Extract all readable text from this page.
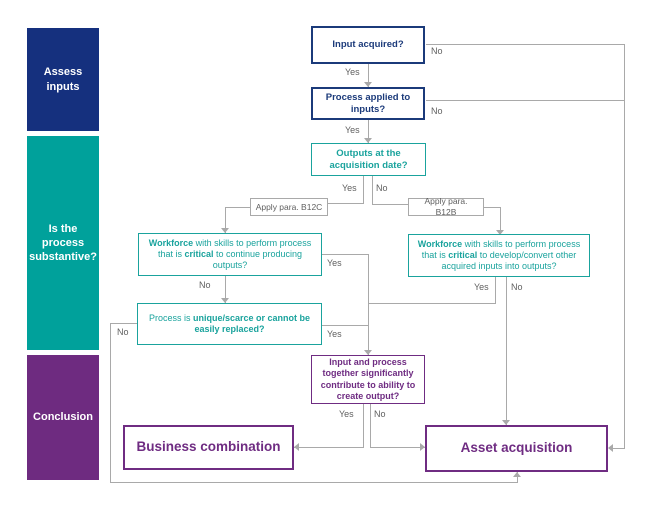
Assess inputs
Is the process substantive?
Conclusion
Yes
No
Yes
No
Yes No
Yes
No	Yes No
Yes
No
Yes No
Input acquired?
Process applied to inputs?
Outputs at the acquisition date?
Apply para. B12C
Apply para. B12B
Workforce with skills to perform process that is critical to continue producing outputs?
Workforce with skills to perform process that is critical to develop/convert other acquired inputs into outputs?
Process is unique/scarce or cannot be easily replaced?
Input and process together significantly contribute to ability to create output?
Business combination	Asset acquisition
